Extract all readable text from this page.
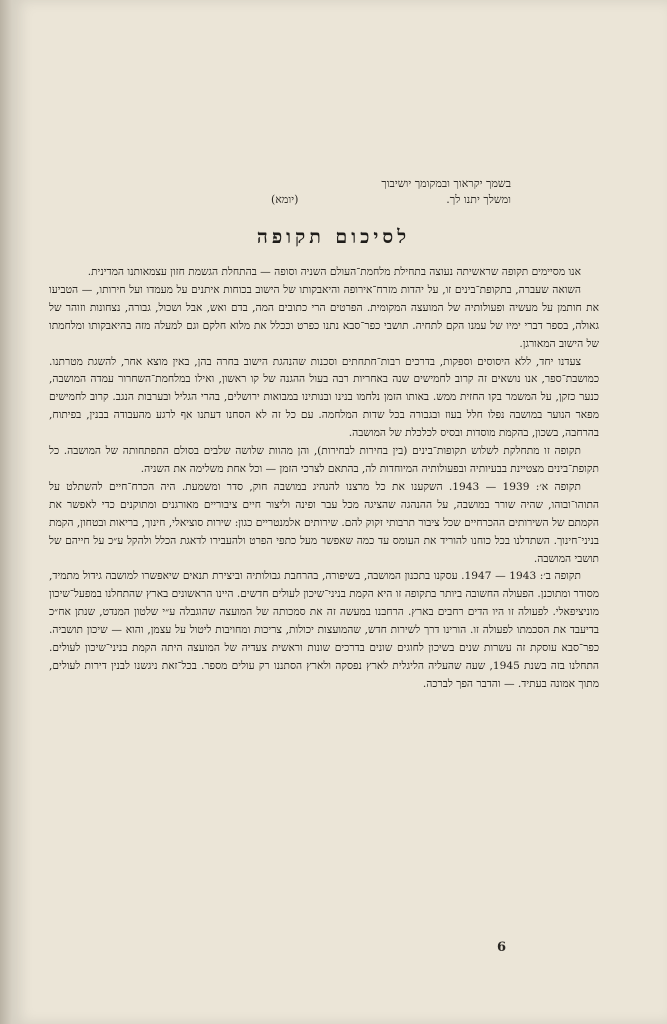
בשמך יקראוך ובמקומך יושיבוך
ומשלך יתנו לך.
(יומא)
לסיכום תקופה

אנו מסיימים תקופה שראשיתה נעוצה בתחילת מלחמת־העולם השניה וסופה — בהתחלת הגשמת חזון עצמאותנו המדינית.

השואה שעברה, בתקופת־בינים זו, על יהדות מזרח־אירופה והיאבקותו של הישוב בכוחות איתנים על מעמדו ועל חירותו, — הטביעו את חותמן על מעשיה ופעולותיה של המועצה המקומית. הפרטים הרי כתובים המה, בדם ואש, אבל ושכול, גבורה, נצחונות וזוהר של גאולה, בספר דברי ימיו של עמנו הקם לתחיה. תושבי כפר־סבא נתנו כפרט וככלל את מלוא חלקם וגם למעלה מזה בהיאבקותו ומלחמתו של הישוב המאורגן.

צעדנו יחד, ללא היסוסים וספקות, בדרכים רבות־חתחתים וסכנות שהנהגת הישוב בחרה בהן, באין מוצא אחר, להשגת מטרתנו. כמושבת־ספר, אנו נושאים זה קרוב לחמישים שנה באחריות רבה בעול ההגנה של קו ראשון, ואילו במלחמת־השחרור עמדה המושבה, כנער כזקן, על המשמר בקו החזית ממש. באותו הזמן נלחמו בנינו ובנותינו במבואות ירושלים, בהרי הגליל ובערבות הנגב. קרוב לחמישים מפאר הנוער במושבה נפלו חלל בעוז ובגבורה בכל שדות המלחמה. עם כל זה לא הסחנו דעתנו אף לרגע מהעבודה בבנין, בפיתוח, בהרחבה, בשכון, בהקמת מוסדות ובסיס לכלכלת של המושבה.

תקופה זו מתחלקת לשלוש תקופות־בינים (בין בחירות לבחירות), והן מהוות שלושה שלבים בסולם התפתחותה של המושבה. כל תקופת־בינים מצטיינת בבעיותיה ובפעולותיה המיוחדות לה, בהתאם לצרכי הזמן — וכל אחת משלימה את השניה.

תקופה א׳: 1939 — 1943. השקענו את כל מרצנו להנהיג במושבה חוק, סדר ומשמעת. היה הכרח־חיים להשתלט על התוהו־ובוהו, שהיה שורר במושבה, על ההנהגה שהציגה מכל עבר ופינה וליצור חיים ציבוריים מאורגנים ומתוקנים כדי לאפשר את הקמתם של השירותים ההכרחיים שכל ציבור תרבותי זקוק להם. שירותים אלמנטריים כגון: שירות סוציאלי, חינוך, בריאות ובטחון, הקמת בניני־חינוך. השתדלנו בכל כוחנו להוריד את העומס עד כמה שאפשר מעל כתפי הפרט ולהעבירו לדאגת הכלל ולהקל ע״כ על חייהם של תושבי המושבה.

תקופה ב׳: 1943 — 1947. עסקנו בתכנון המושבה, בשיפורה, בהרחבת גבולותיה וביצירת תנאים שיאפשרו למושבה גידול מתמיד, מסודר ומתוכנן. הפעולה החשובה ביותר בתקופה זו היא הקמת בניני־שיכון לעולים חדשים. היינו הראשונים בארץ שהתחלנו במפעל־שיכון מוניציפאלי. לפעולה זו היו הדים רחבים בארץ. הרחבנו במעשה זה את סמכותה של המועצה שהוגבלה ע״י שלטון המנדט, שנתן אח״כ בדיעבד את הסכמתו לפעולה זו. הורינו דרך לשירות חדש, שהמועצות יכולות, צריכות ומחויבות ליטול על עצמן, והוא — שיכון תושביה. כפר־סבא עוסקת זה עשרות שנים בשיכון לחוגים שונים בדרכים שונות וראשית צעדיה של המועצה היתה הקמת בניני־שיכון לעולים. התחלנו בזה בשנת 1945, שעה שהעליה הליגלית לארץ נפסקה ולארץ הסתננו רק עולים מספר. בכל־זאת ניגשנו לבנין דירות לעולים, מתוך אמונה בעתיד. — והדבר הפך לברכה.

6
